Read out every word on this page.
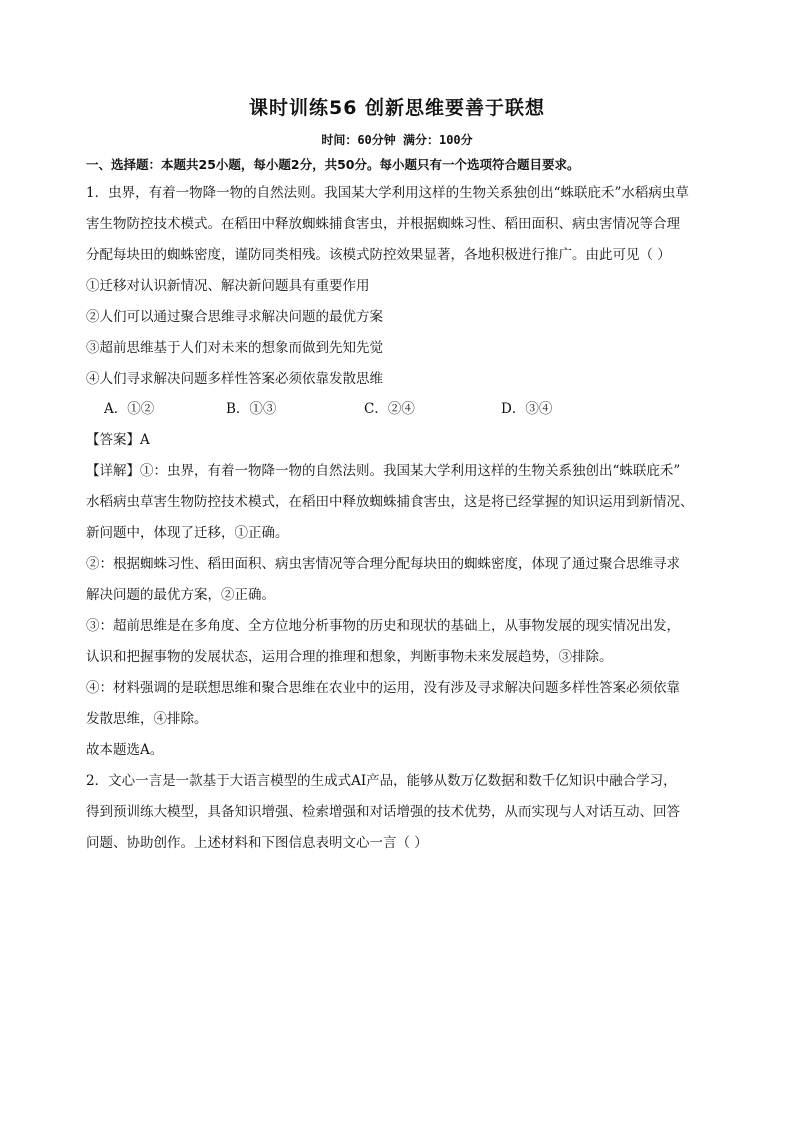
课时训练56 创新思维要善于联想
时间：60分钟 满分：100分
一、选择题：本题共25小题，每小题2分，共50分。每小题只有一个选项符合题目要求。
1．虫界，有着一物降一物的自然法则。我国某大学利用这样的生物关系独创出“蛛联庇禾”水稻病虫草
害生物防控技术模式。在稻田中释放蜘蛛捕食害虫，并根据蜘蛛习性、稻田面积、病虫害情况等合理
分配每块田的蜘蛛密度，谨防同类相残。该模式防控效果显著，各地积极进行推广。由此可见（ ）
①迁移对认识新情况、解决新问题具有重要作用
②人们可以通过聚合思维寻求解决问题的最优方案
③超前思维基于人们对未来的想象而做到先知先觉
④人们寻求解决问题多样性答案必须依靠发散思维
A．①②	B．①③	C．②④	D．③④
【答案】A
【详解】①：虫界，有着一物降一物的自然法则。我国某大学利用这样的生物关系独创出“蛛联庇禾”
水稻病虫草害生物防控技术模式，在稻田中释放蜘蛛捕食害虫，这是将已经掌握的知识运用到新情况、
新问题中，体现了迁移，①正确。
②：根据蜘蛛习性、稻田面积、病虫害情况等合理分配每块田的蜘蛛密度，体现了通过聚合思维寻求
解决问题的最优方案，②正确。
③：超前思维是在多角度、全方位地分析事物的历史和现状的基础上，从事物发展的现实情况出发，
认识和把握事物的发展状态，运用合理的推理和想象，判断事物未来发展趋势，③排除。
④：材料强调的是联想思维和聚合思维在农业中的运用，没有涉及寻求解决问题多样性答案必须依靠
发散思维，④排除。
故本题选A。
2．文心一言是一款基于大语言模型的生成式AI产品，能够从数万亿数据和数千亿知识中融合学习，
得到预训练大模型，具备知识增强、检索增强和对话增强的技术优势，从而实现与人对话互动、回答
问题、协助创作。上述材料和下图信息表明文心一言（ ）
